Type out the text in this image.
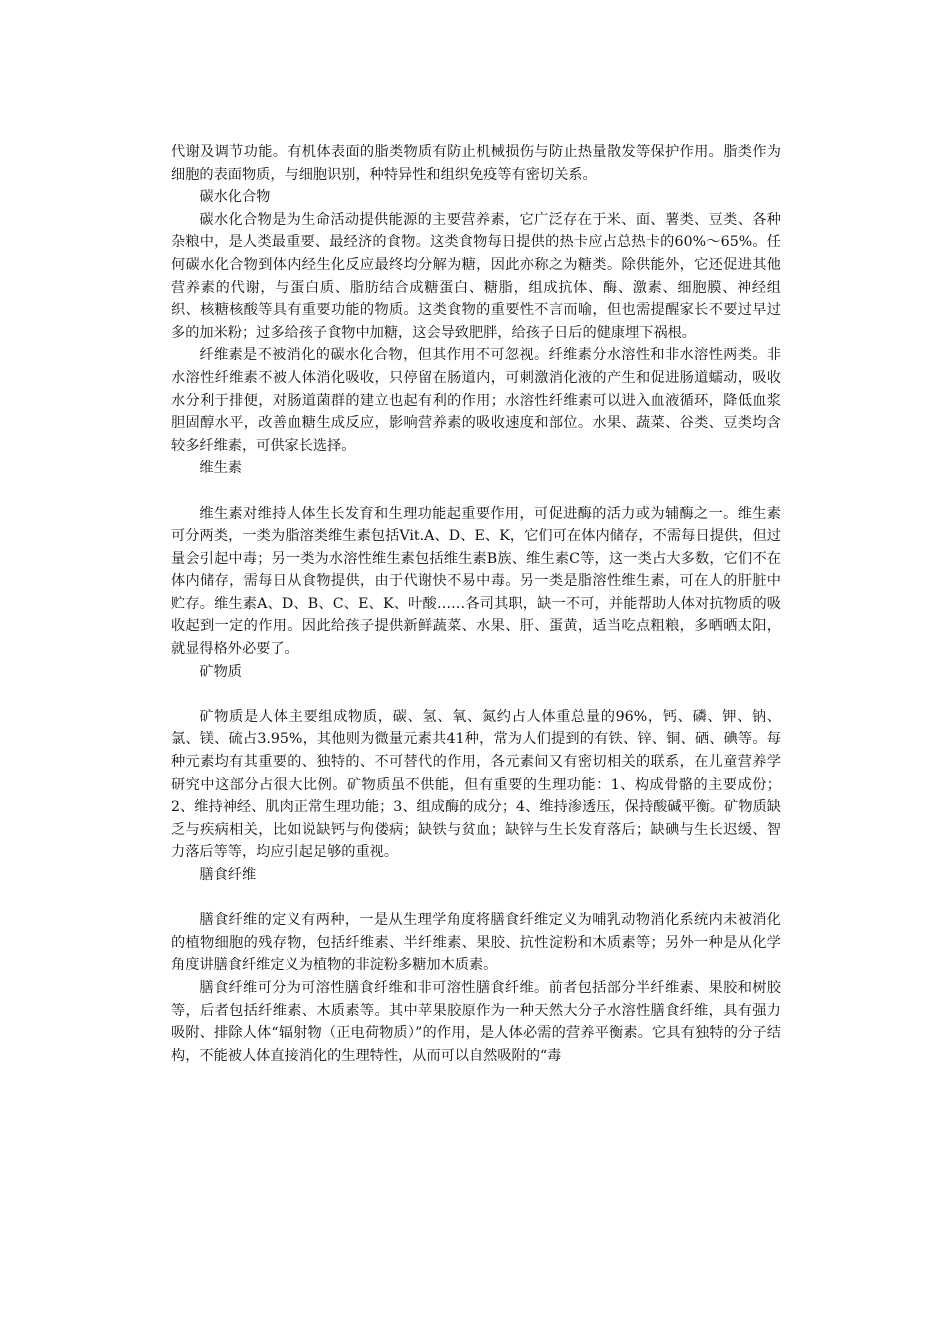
代谢及调节功能。有机体表面的脂类物质有防止机械损伤与防止热量散发等保护作用。脂类作为细胞的表面物质，与细胞识别，种特异性和组织免疫等有密切关系。

碳水化合物

碳水化合物是为生命活动提供能源的主要营养素，它广泛存在于米、面、薯类、豆类、各种杂粮中，是人类最重要、最经济的食物。这类食物每日提供的热卡应占总热卡的60%～65%。任何碳水化合物到体内经生化反应最终均分解为糖，因此亦称之为糖类。除供能外，它还促进其他营养素的代谢，与蛋白质、脂肪结合成糖蛋白、糖脂，组成抗体、酶、激素、细胞膜、神经组织、核糖核酸等具有重要功能的物质。这类食物的重要性不言而喻，但也需提醒家长不要过早过多的加米粉；过多给孩子食物中加糖，这会导致肥胖，给孩子日后的健康埋下祸根。

纤维素是不被消化的碳水化合物，但其作用不可忽视。纤维素分水溶性和非水溶性两类。非水溶性纤维素不被人体消化吸收，只停留在肠道内，可刺激消化液的产生和促进肠道蠕动，吸收水分利于排便，对肠道菌群的建立也起有利的作用；水溶性纤维素可以进入血液循环，降低血浆胆固醇水平，改善血糖生成反应，影响营养素的吸收速度和部位。水果、蔬菜、谷类、豆类均含较多纤维素，可供家长选择。

维生素

维生素对维持人体生长发育和生理功能起重要作用，可促进酶的活力或为辅酶之一。维生素可分两类，一类为脂溶类维生素包括Vit.A、D、E、K，它们可在体内储存，不需每日提供，但过量会引起中毒；另一类为水溶性维生素包括维生素B族、维生素C等，这一类占大多数，它们不在体内储存，需每日从食物提供，由于代谢快不易中毒。另一类是脂溶性维生素，可在人的肝脏中贮存。维生素A、D、B、C、E、K、叶酸……各司其职，缺一不可，并能帮助人体对抗物质的吸收起到一定的作用。因此给孩子提供新鲜蔬菜、水果、肝、蛋黄，适当吃点粗粮，多晒晒太阳，就显得格外必要了。

矿物质

矿物质是人体主要组成物质，碳、氢、氧、氮约占人体重总量的96%，钙、磷、钾、钠、氯、镁、硫占3.95%，其他则为微量元素共41种，常为人们提到的有铁、锌、铜、硒、碘等。每种元素均有其重要的、独特的、不可替代的作用，各元素间又有密切相关的联系，在儿童营养学研究中这部分占很大比例。矿物质虽不供能，但有重要的生理功能：1、构成骨骼的主要成份；2、维持神经、肌肉正常生理功能；3、组成酶的成分；4、维持渗透压，保持酸碱平衡。矿物质缺乏与疾病相关，比如说缺钙与佝偻病；缺铁与贫血；缺锌与生长发育落后；缺碘与生长迟缓、智力落后等等，均应引起足够的重视。

膳食纤维

膳食纤维的定义有两种，一是从生理学角度将膳食纤维定义为哺乳动物消化系统内未被消化的植物细胞的残存物，包括纤维素、半纤维素、果胶、抗性淀粉和木质素等；另外一种是从化学角度讲膳食纤维定义为植物的非淀粉多糖加木质素。

膳食纤维可分为可溶性膳食纤维和非可溶性膳食纤维。前者包括部分半纤维素、果胶和树胶等，后者包括纤维素、木质素等。其中苹果胶原作为一种天然大分子水溶性膳食纤维，具有强力吸附、排除人体“辐射物（正电荷物质）”的作用，是人体必需的营养平衡素。它具有独特的分子结构，不能被人体直接消化的生理特性，从而可以自然吸附的“毒
